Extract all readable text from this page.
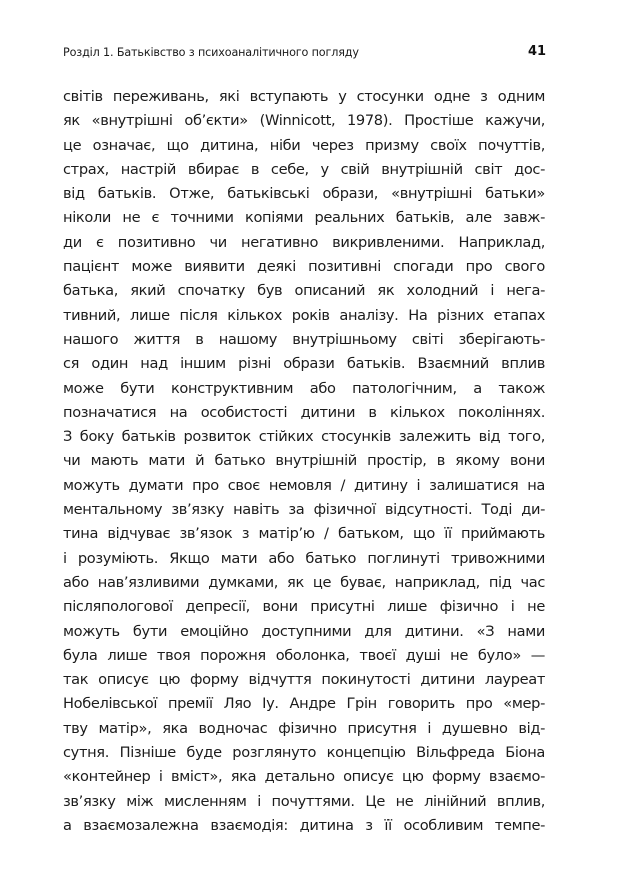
Розділ 1. Батьківство з психоаналітичного погляду	41
світів переживань, які вступають у стосунки одне з одним
як «внутрішні об’єкти» (Winnicott, 1978). Простіше кажучи,
це означає, що дитина, ніби через призму своїх почуттів,
страх, настрій вбирає в себе, у свій внутрішній світ дос-
від батьків. Отже, батьківські образи, «внутрішні батьки»
ніколи не є точними копіями реальних батьків, але завж-
ди є позитивно чи негативно викривленими. Наприклад,
пацієнт може виявити деякі позитивні спогади про свого
батька, який спочатку був описаний як холодний і нега-
тивний, лише після кількох років аналізу. На різних етапах
нашого життя в нашому внутрішньому світі зберігають-
ся один над іншим різні образи батьків. Взаємний вплив
може бути конструктивним або патологічним, а також
позначатися на особистості дитини в кількох поколіннях.
З боку батьків розвиток стійких стосунків залежить від того,
чи мають мати й батько внутрішній простір, в якому вони
можуть думати про своє немовля / дитину і залишатися на
ментальному зв’язку навіть за фізичної відсутності. Тоді ди-
тина відчуває зв’язок з матір’ю / батьком, що її приймають
і розуміють. Якщо мати або батько поглинуті тривожними
або нав’язливими думками, як це буває, наприклад, під час
післяпологової депресії, вони присутні лише фізично і не
можуть бути емоційно доступними для дитини. «З нами
була лише твоя порожня оболонка, твоєї душі не було» —
так описує цю форму відчуття покинутості дитини лауреат
Нобелівської премії Ляо Іу. Андре Грін говорить про «мер-
тву матір», яка водночас фізично присутня і душевно від-
сутня. Пізніше буде розглянуто концепцію Вільфреда Біона
«контейнер і вміст», яка детально описує цю форму взаємо-
зв’язку між мисленням і почуттями. Це не лінійний вплив,
а взаємозалежна взаємодія: дитина з її особливим темпе-
